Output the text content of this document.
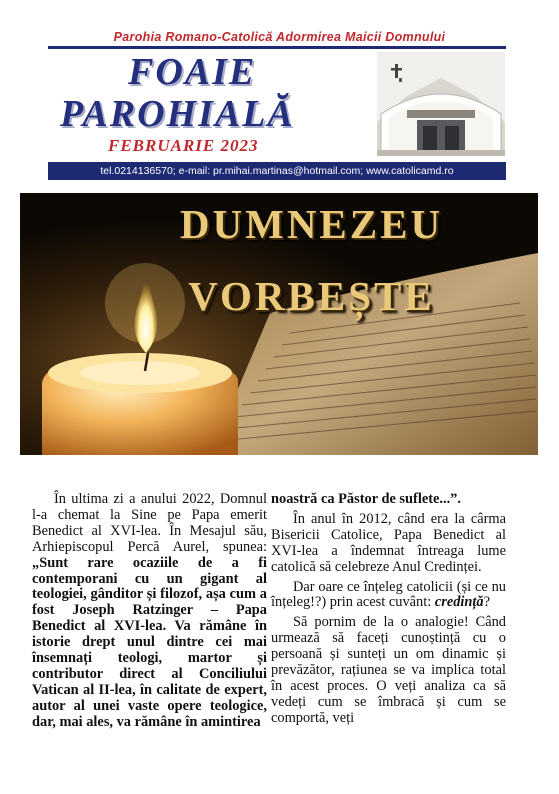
Parohia Romano-Catolică Adormirea Maicii Domnului
FOAIE
PAROHIALĂ
FEBRUARIE 2023
tel.0214136570; e-mail: pr.mihai.martinas@hotmail.com; www.catolicamd.ro
DUMNEZEU
VORBEȘTE

În ultima zi a anului 2022, Domnul l-a chemat la Sine pe Papa emerit Benedict al XVI-lea. În Mesajul său, Arhiepiscopul Percă Aurel, spunea: „Sunt rare ocaziile de a fi contemporani cu un gigant al teologiei, gânditor și filozof, așa cum a fost Joseph Ratzinger – Papa Benedict al XVI-lea. Va rămâne în istorie drept unul dintre cei mai însemnați teologi, martor și contributor direct al Conciliului Vatican al II-lea, în calitate de expert, autor al unei vaste opere teologice, dar, mai ales, va rămâne în amintirea

noastră ca Păstor de suflete...”.

În anul în 2012, când era la cârma Bisericii Catolice, Papa Benedict al XVI-lea a îndemnat întreaga lume catolică să celebreze Anul Credinței.

Dar oare ce înțeleg catolicii (și ce nu înțeleg!?) prin acest cuvânt: credință?

Să pornim de la o analogie! Când urmează să faceți cunoștință cu o persoană și sunteți un om dinamic și prevăzător, rațiunea se va implica total în acest proces. O veți analiza ca să vedeți cum se îmbracă și cum se comportă, veți
